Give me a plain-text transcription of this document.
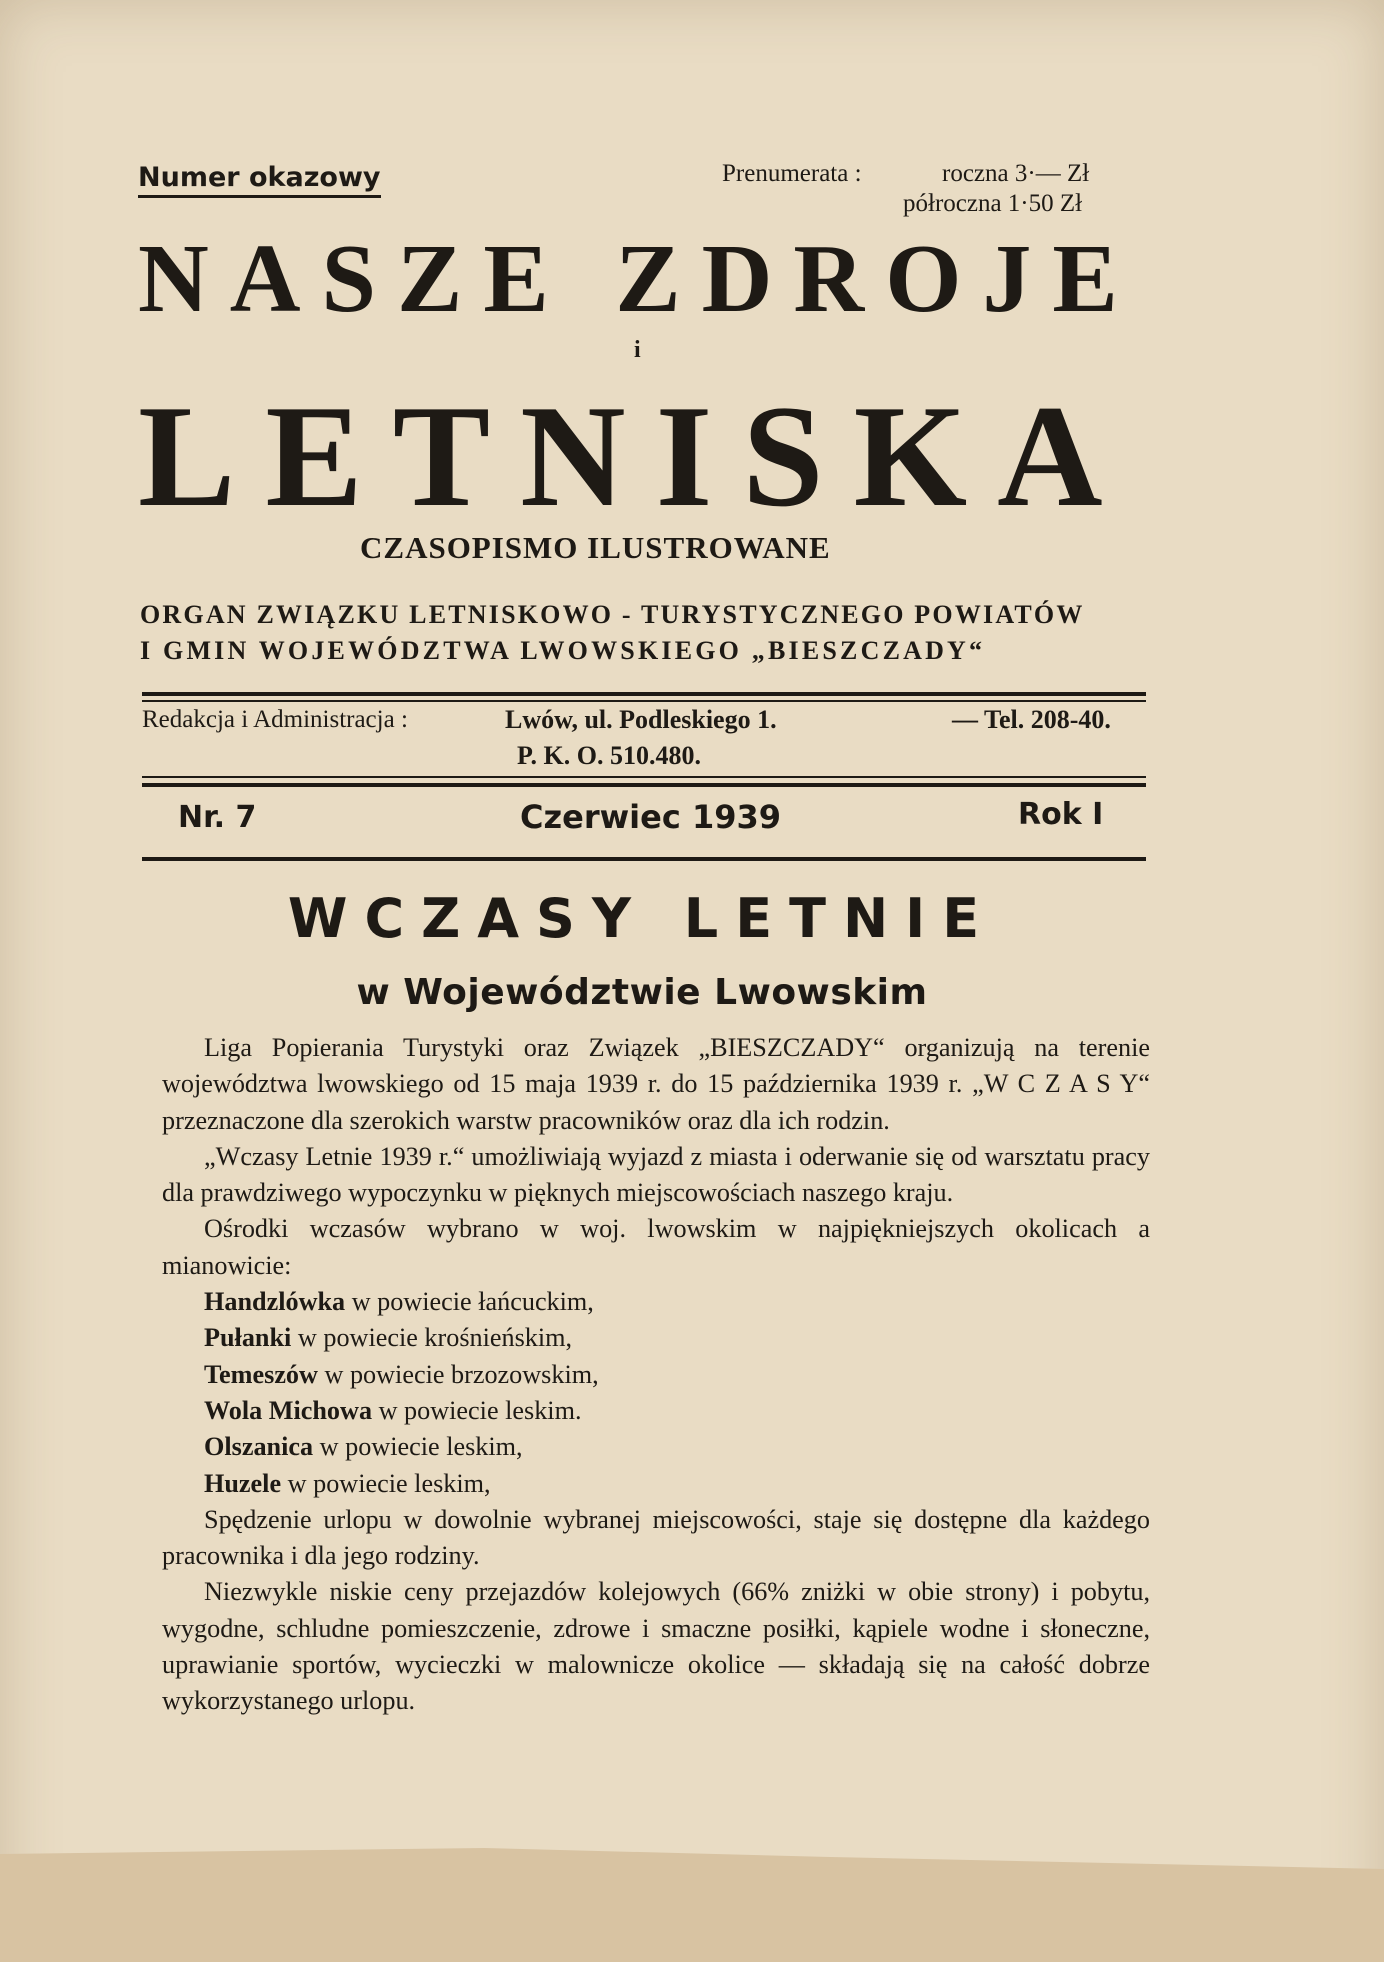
Numer okazowy	Prenumerata :	roczna 3·— Zł
półroczna 1·50 Zł
NASZE ZDROJE
i
LETNISKA
CZASOPISMO ILUSTROWANE
ORGAN ZWIĄZKU LETNISKOWO - TURYSTYCZNEGO POWIATÓW
I GMIN WOJEWÓDZTWA LWOWSKIEGO „BIESZCZADY“
Redakcja i Administracja :	Lwów, ul. Podleskiego 1.	— Tel. 208-40.
P. K. O. 510.480.
Nr. 7	Czerwiec 1939	Rok I
WCZASY LETNIE
w Województwie Lwowskim

Liga Popierania Turystyki oraz Związek „BIESZCZADY“ organizują na terenie województwa lwowskiego od 15 maja 1939 r. do 15 października 1939 r. „W C Z A S Y“ przeznaczone dla szerokich warstw pracowników oraz dla ich rodzin.

„Wczasy Letnie 1939 r.“ umożliwiają wyjazd z miasta i oderwanie się od warsztatu pracy dla prawdziwego wypoczynku w pięknych miejscowościach naszego kraju.

Ośrodki wczasów wybrano w woj. lwowskim w najpiękniejszych okolicach a mianowicie:

Handzlówka w powiecie łańcuckim,
Pułanki w powiecie krośnieńskim,
Temeszów w powiecie brzozowskim,
Wola Michowa w powiecie leskim.
Olszanica w powiecie leskim,
Huzele w powiecie leskim,

Spędzenie urlopu w dowolnie wybranej miejscowości, staje się dostępne dla każdego pracownika i dla jego rodziny.

Niezwykle niskie ceny przejazdów kolejowych (66% zniżki w obie strony) i pobytu, wygodne, schludne pomieszczenie, zdrowe i smaczne posiłki, kąpiele wodne i słoneczne, uprawianie sportów, wycieczki w malownicze okolice — składają się na całość dobrze wykorzystanego urlopu.
